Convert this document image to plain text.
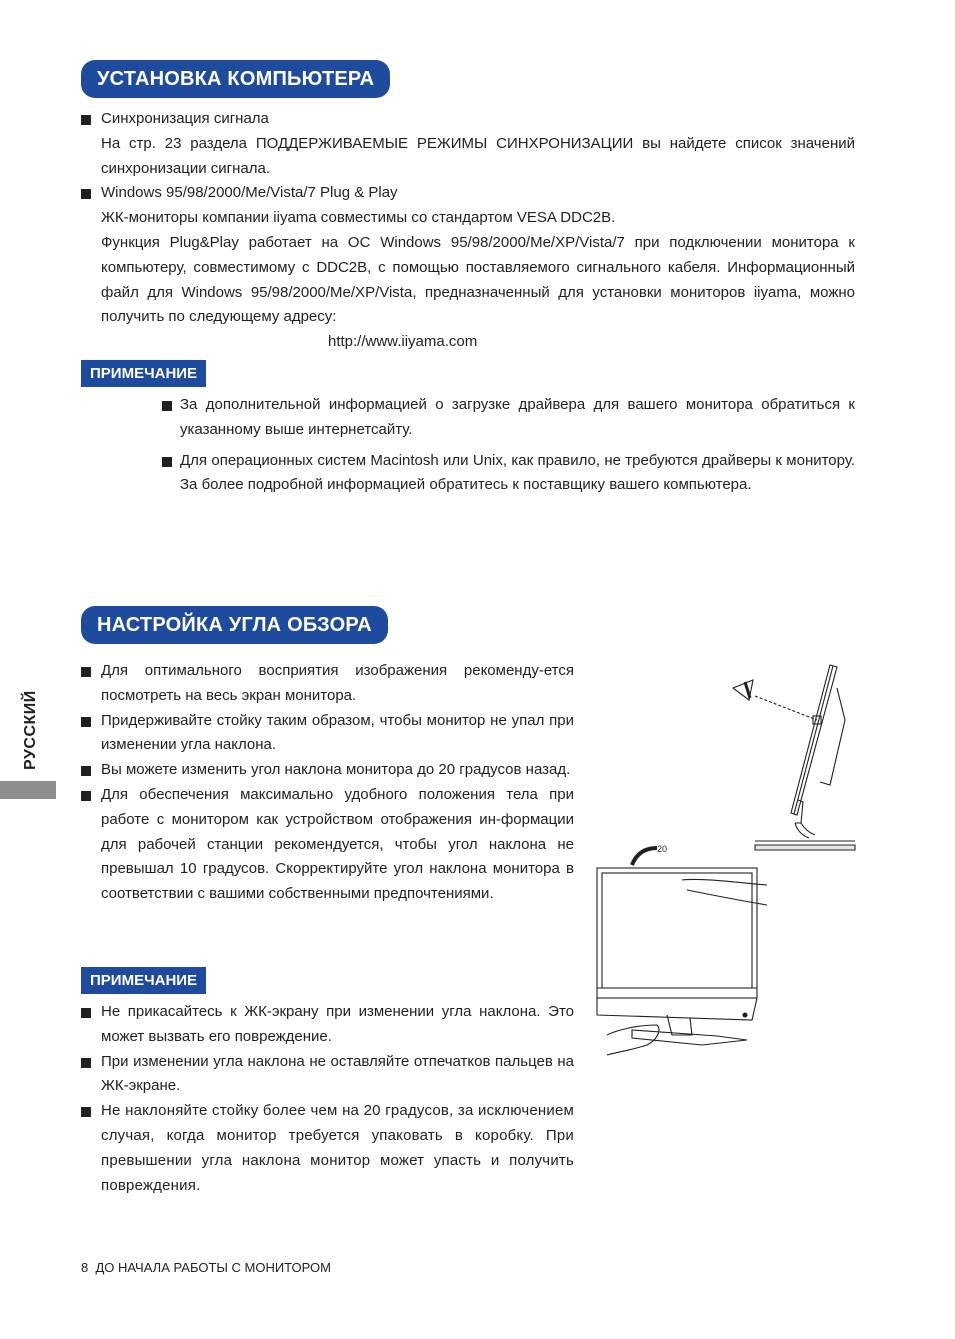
УСТАНОВКА КОМПЬЮТЕРА
Синхронизация сигнала
На стр. 23 раздела ПОДДЕРЖИВАЕМЫЕ РЕЖИМЫ СИНХРОНИЗАЦИИ вы найдете список значений синхронизации сигнала.
Windows 95/98/2000/Me/Vista/7 Plug & Play
ЖК-мониторы компании iiyama совместимы со стандартом VESA DDC2B.
Функция Plug&Play работает на ОС Windows 95/98/2000/Me/XP/Vista/7 при подключении монитора к компьютеру, совместимому с DDC2B, с помощью поставляемого сигнального кабеля. Информационный файл для Windows 95/98/2000/Me/XP/Vista, предназначенный для установки мониторов iiyama, можно получить по следующему адресу:
http://www.iiyama.com
ПРИМЕЧАНИЕ
За дополнительной информацией о загрузке драйвера для вашего монитора обратиться к указанному выше интернетсайту.
Для операционных систем Macintosh или Unix, как правило, не требуются драйверы к монитору. За более подробной информацией обратитесь к поставщику вашего компьютера.
НАСТРОЙКА УГЛА ОБЗОРА
РУССКИЙ
Для оптимального восприятия изображения рекоменду-ется посмотреть на весь экран монитора.
Придерживайте стойку таким образом, чтобы монитор не упал при изменении угла наклона.
Вы можете изменить угол наклона монитора до 20 градусов назад.
Для обеспечения максимально удобного положения тела при работе с монитором как устройством отображения ин-формации для рабочей станции рекомендуется, чтобы угол наклона не превышал 10 градусов. Скорректируйте угол наклона монитора в соответствии с вашими собственными предпочтениями.
ПРИМЕЧАНИЕ
Не прикасайтесь к ЖК-экрану при изменении угла наклона. Это может вызвать его повреждение.
При изменении угла наклона не оставляйте отпечатков пальцев на ЖК-экране.
Не наклоняйте стойку более чем на 20 градусов, за исключением случая, когда монитор требуется упаковать в коробку. При превышении угла наклона монитор может упасть и получить повреждения.
20
8 ДО НАЧАЛА РАБОТЫ С МОНИТОРОМ
